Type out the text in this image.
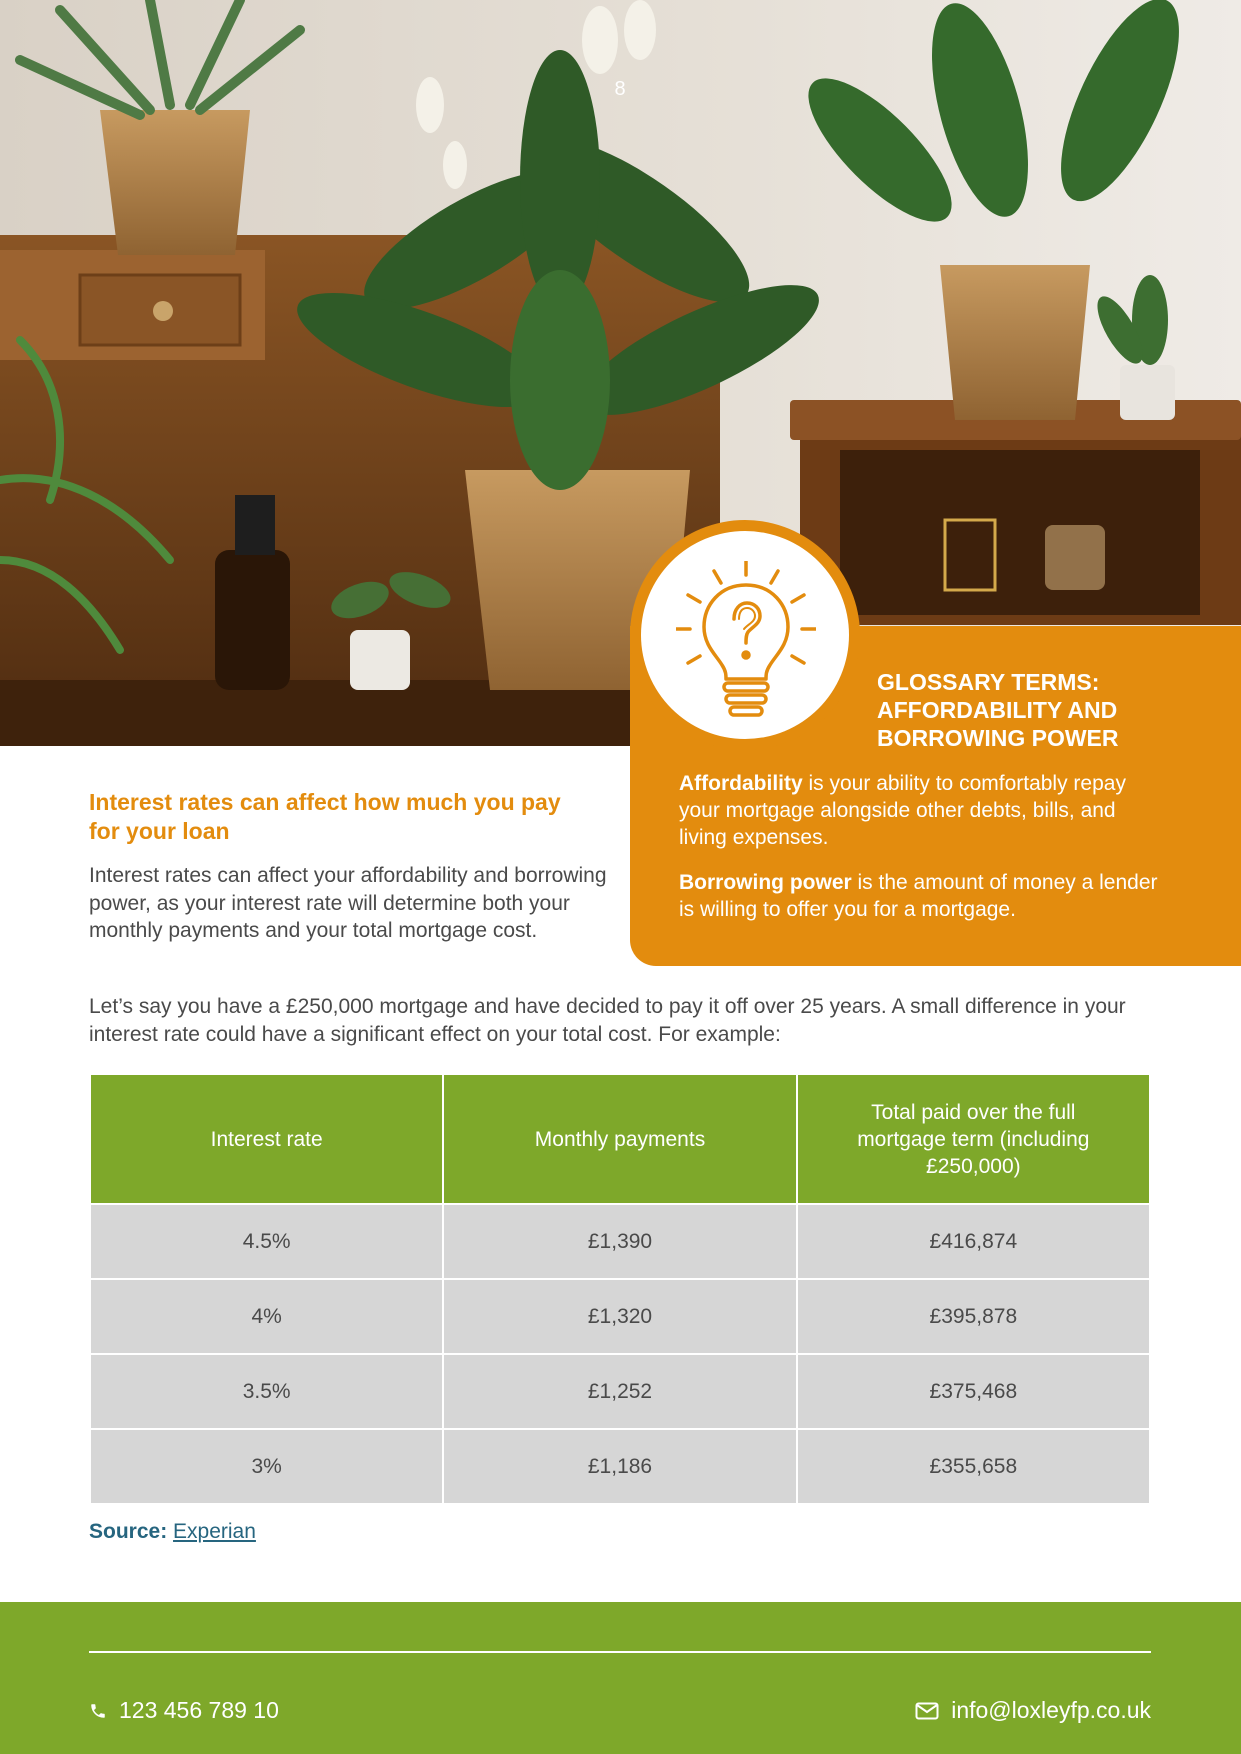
8
GLOSSARY TERMS: AFFORDABILITY AND BORROWING POWER

Affordability is your ability to comfortably repay your mortgage alongside other debts, bills, and living expenses.

Borrowing power is the amount of money a lender is willing to offer you for a mortgage.

Interest rates can affect how much you pay for your loan

Interest rates can affect your affordability and borrowing power, as your interest rate will determine both your monthly payments and your total mortgage cost.

Let’s say you have a £250,000 mortgage and have decided to pay it off over 25 years. A small difference in your interest rate could have a significant effect on your total cost. For example:

Interest rate	Monthly payments	Total paid over the full mortgage term (including £250,000)
4.5%	£1,390	£416,874
4%	£1,320	£395,878
3.5%	£1,252	£375,468
3%	£1,186	£355,658
Source: Experian
123 456 789 10	info@loxleyfp.co.uk
